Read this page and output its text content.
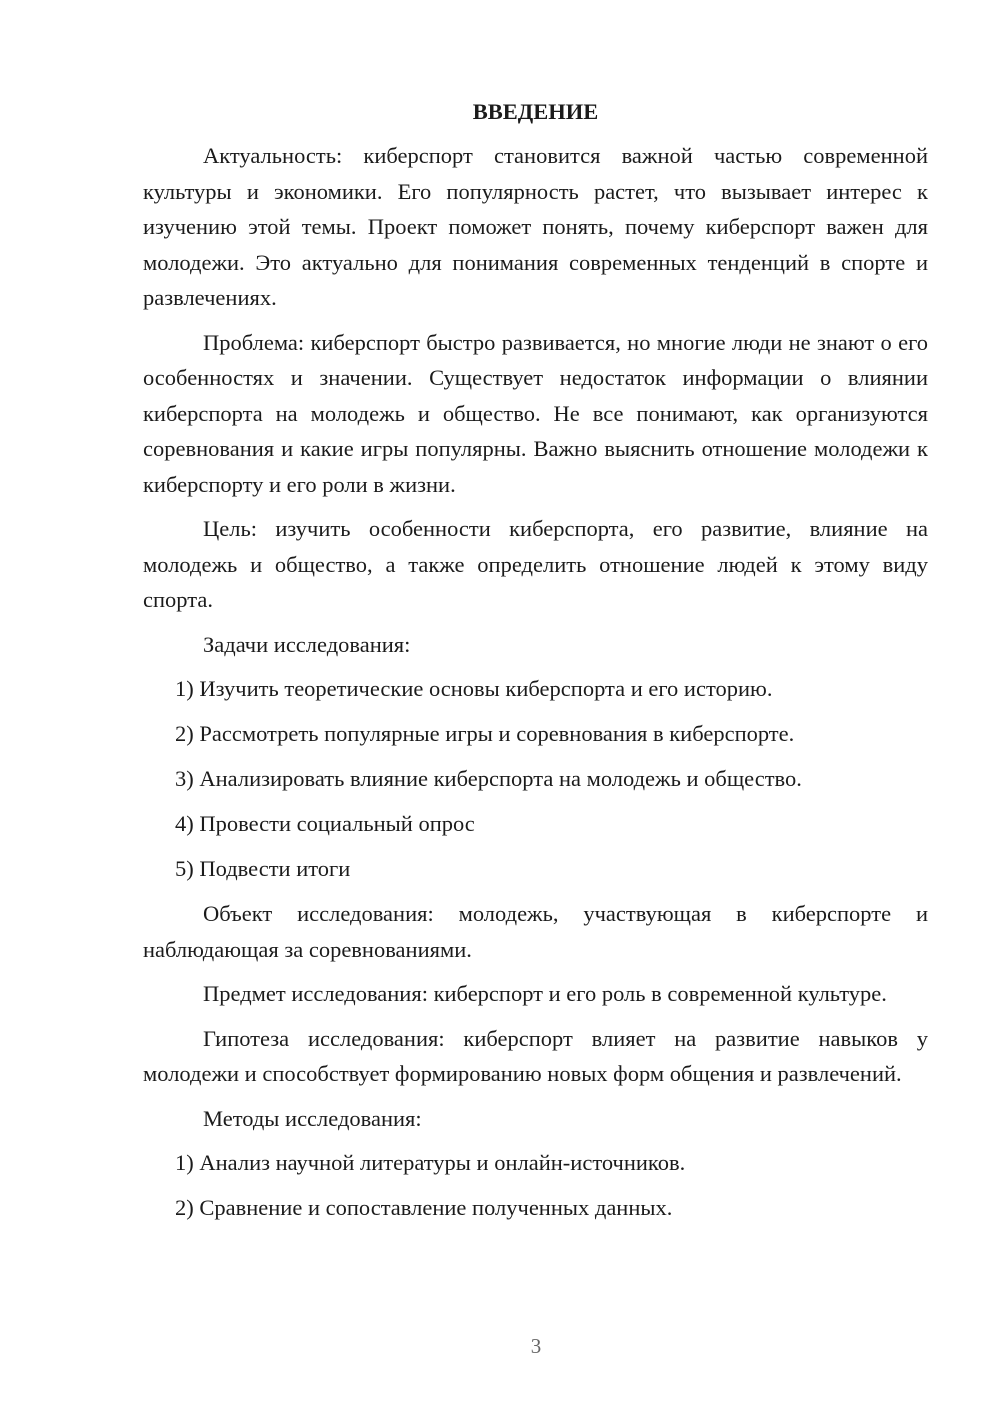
ВВЕДЕНИЕ

Актуальность: киберспорт становится важной частью современной культуры и экономики. Его популярность растет, что вызывает интерес к изучению этой темы. Проект поможет понять, почему киберспорт важен для молодежи. Это актуально для понимания современных тенденций в спорте и развлечениях.

Проблема: киберспорт быстро развивается, но многие люди не знают о его особенностях и значении. Существует недостаток информации о влиянии киберспорта на молодежь и общество. Не все понимают, как организуются соревнования и какие игры популярны. Важно выяснить отношение молодежи к киберспорту и его роли в жизни.

Цель: изучить особенности киберспорта, его развитие, влияние на молодежь и общество, а также определить отношение людей к этому виду спорта.

Задачи исследования:

1) Изучить теоретические основы киберспорта и его историю.
2) Рассмотреть популярные игры и соревнования в киберспорте.
3) Анализировать влияние киберспорта на молодежь и общество.
4) Провести социальный опрос
5) Подвести итоги

Объект исследования: молодежь, участвующая в киберспорте и наблюдающая за соревнованиями.

Предмет исследования: киберспорт и его роль в современной культуре.

Гипотеза исследования: киберспорт влияет на развитие навыков у молодежи и способствует формированию новых форм общения и развлечений.

Методы исследования:

1) Анализ научной литературы и онлайн-источников.
2) Сравнение и сопоставление полученных данных.
3
